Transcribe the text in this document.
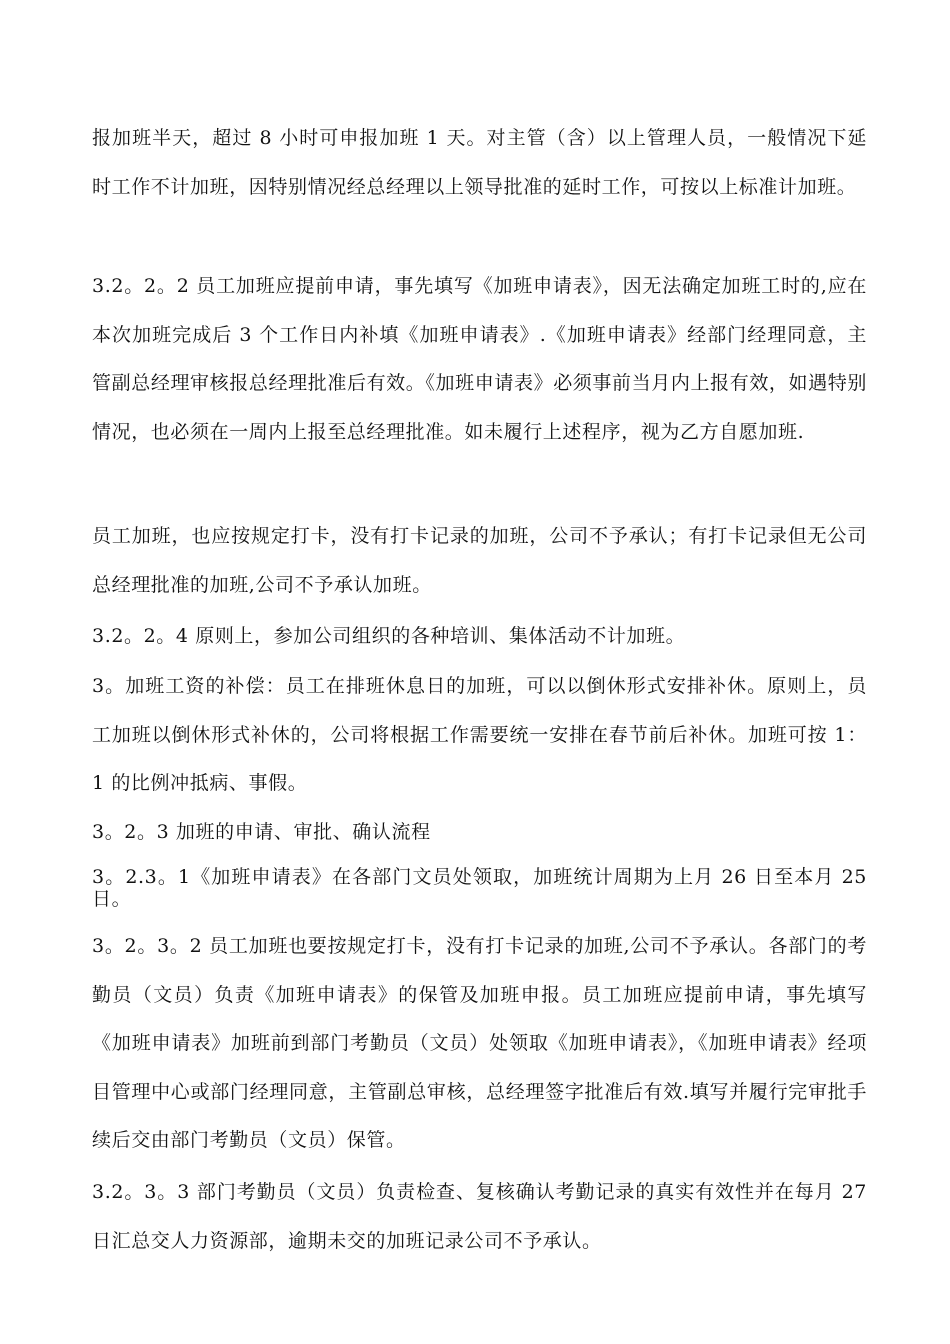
报加班半天，超过 8 小时可申报加班 1 天。对主管（含）以上管理人员，一般情况下延时工作不计加班，因特别情况经总经理以上领导批准的延时工作，可按以上标准计加班。

3.2。2。2 员工加班应提前申请，事先填写《加班申请表》，因无法确定加班工时的,应在本次加班完成后 3 个工作日内补填《加班申请表》.《加班申请表》经部门经理同意，主管副总经理审核报总经理批准后有效。《加班申请表》必须事前当月内上报有效，如遇特别情况，也必须在一周内上报至总经理批准。如未履行上述程序，视为乙方自愿加班.

员工加班，也应按规定打卡，没有打卡记录的加班，公司不予承认；有打卡记录但无公司总经理批准的加班,公司不予承认加班。

3.2。2。4 原则上，参加公司组织的各种培训、集体活动不计加班。

3。加班工资的补偿：员工在排班休息日的加班，可以以倒休形式安排补休。原则上，员工加班以倒休形式补休的，公司将根据工作需要统一安排在春节前后补休。加班可按 1：1 的比例冲抵病、事假。

3。2。3 加班的申请、审批、确认流程

3。2.3。1《加班申请表》在各部门文员处领取，加班统计周期为上月 26 日至本月 25 日。

3。2。3。2 员工加班也要按规定打卡，没有打卡记录的加班,公司不予承认。各部门的考勤员（文员）负责《加班申请表》的保管及加班申报。员工加班应提前申请，事先填写《加班申请表》加班前到部门考勤员（文员）处领取《加班申请表》，《加班申请表》经项目管理中心或部门经理同意，主管副总审核，总经理签字批准后有效.填写并履行完审批手续后交由部门考勤员（文员）保管。

3.2。3。3 部门考勤员（文员）负责检查、复核确认考勤记录的真实有效性并在每月 27 日汇总交人力资源部，逾期未交的加班记录公司不予承认。
